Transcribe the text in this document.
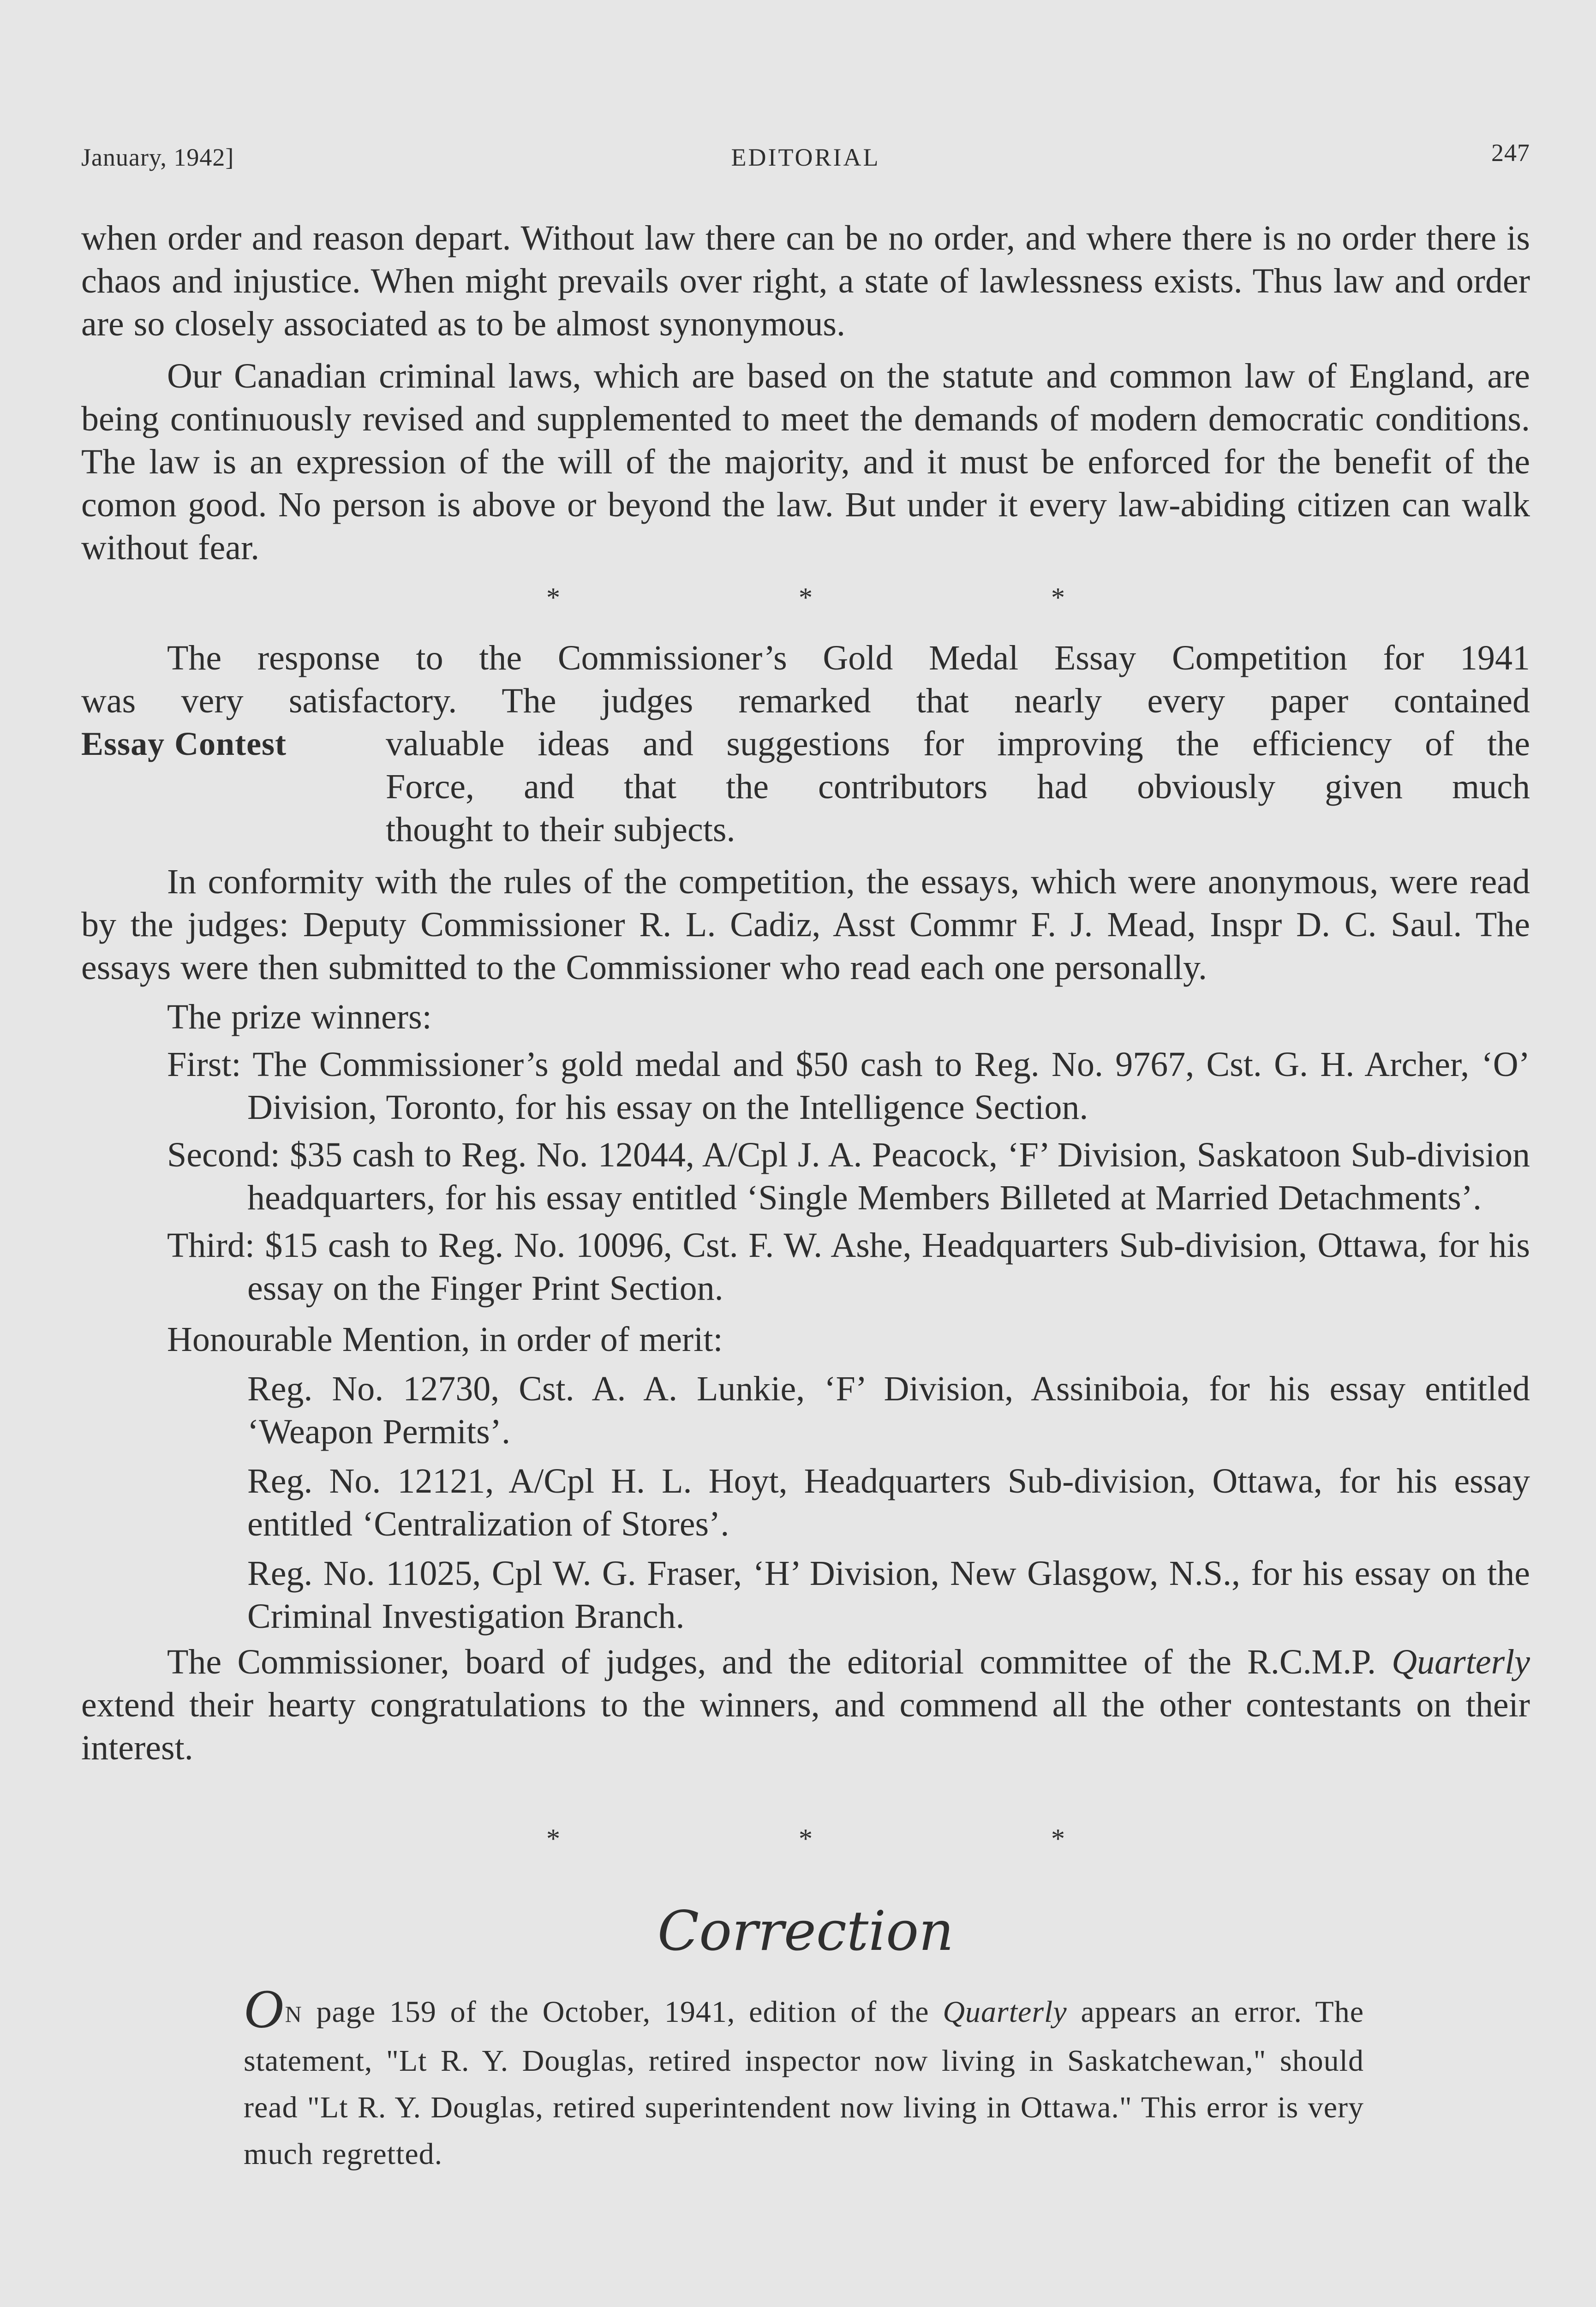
January, 1942]	EDITORIAL	247

when order and reason depart. Without law there can be no order, and where there is no order there is chaos and injustice. When might prevails over right, a state of lawlessness exists. Thus law and order are so closely associated as to be almost synonymous.

Our Canadian criminal laws, which are based on the statute and common law of England, are being continuously revised and supplemented to meet the demands of modern democratic conditions. The law is an expression of the will of the majority, and it must be enforced for the benefit of the comon good. No person is above or beyond the law. But under it every law-abiding citizen can walk without fear.

* * *
Essay Contest

The response to the Commissioner’s Gold Medal Essay Competition for 1941

was very satisfactory. The judges remarked that nearly every paper contained

valuable ideas and suggestions for improving the efficiency of the

Force, and that the contributors had obviously given much

thought to their subjects.

In conformity with the rules of the competition, the essays, which were anonymous, were read by the judges: Deputy Commissioner R. L. Cadiz, Asst Commr F. J. Mead, Inspr D. C. Saul. The essays were then submitted to the Commissioner who read each one personally.

The prize winners:

First: The Commissioner’s gold medal and $50 cash to Reg. No. 9767, Cst. G. H. Archer, ‘O’ Division, Toronto, for his essay on the Intelligence Section.

Second: $35 cash to Reg. No. 12044, A/Cpl J. A. Peacock, ‘F’ Division, Saskatoon Sub-division headquarters, for his essay entitled ‘Single Members Billeted at Married Detachments’.

Third: $15 cash to Reg. No. 10096, Cst. F. W. Ashe, Headquarters Sub-division, Ottawa, for his essay on the Finger Print Section.

Honourable Mention, in order of merit:

Reg. No. 12730, Cst. A. A. Lunkie, ‘F’ Division, Assiniboia, for his essay entitled ‘Weapon Permits’.

Reg. No. 12121, A/Cpl H. L. Hoyt, Headquarters Sub-division, Ottawa, for his essay entitled ‘Centralization of Stores’.

Reg. No. 11025, Cpl W. G. Fraser, ‘H’ Division, New Glasgow, N.S., for his essay on the Criminal Investigation Branch.

The Commissioner, board of judges, and the editorial committee of the R.C.M.P. Quarterly extend their hearty congratulations to the winners, and commend all the other contestants on their interest.

* * *
Correction

ON page 159 of the October, 1941, edition of the Quarterly appears an error. The statement, "Lt R. Y. Douglas, retired inspector now living in Saskatchewan," should read "Lt R. Y. Douglas, retired superintendent now living in Ottawa." This error is very much regretted.
